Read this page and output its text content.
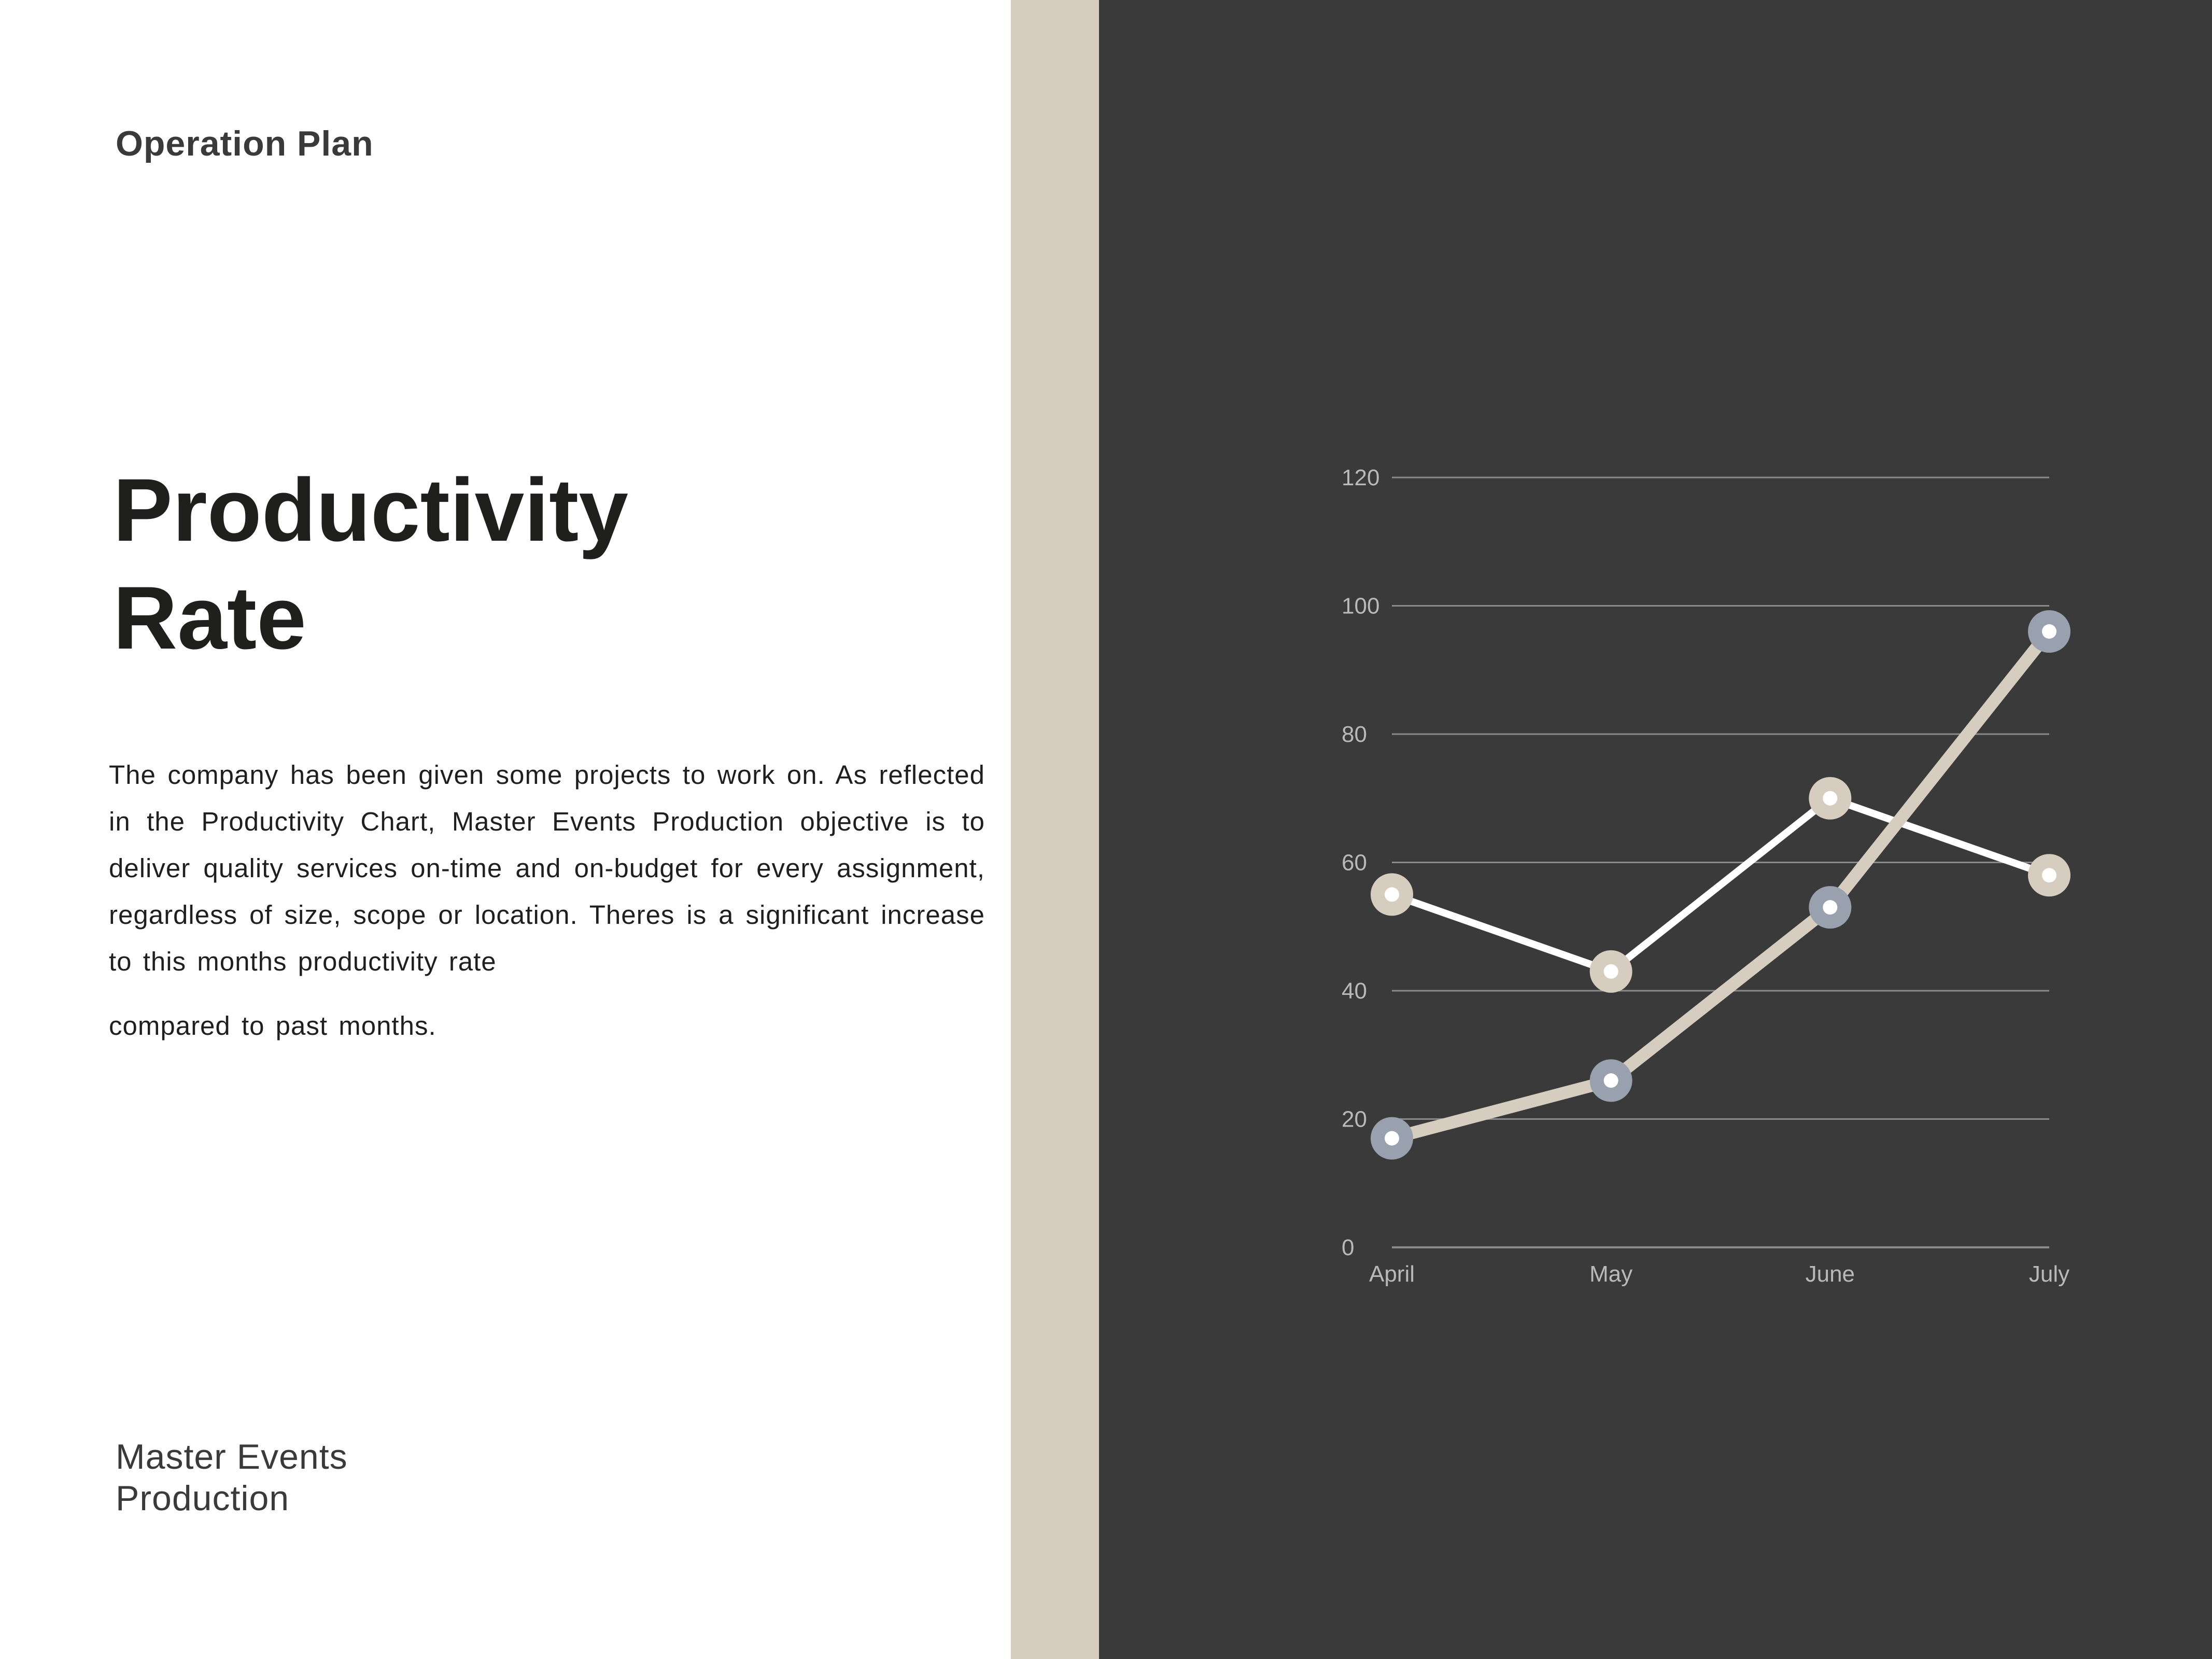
Operation Plan
Productivity
Rate
The company has been given some projects to work on. As reflected in the Productivity Chart, Master Events Production objective is to deliver quality services on-time and on-budget for every assignment, regardless of size, scope or location. Theres is a significant increase to this months productivity rate
compared to past months.
Master Events
Production
0
20
40
60
80
100
120
April	May	June	July
